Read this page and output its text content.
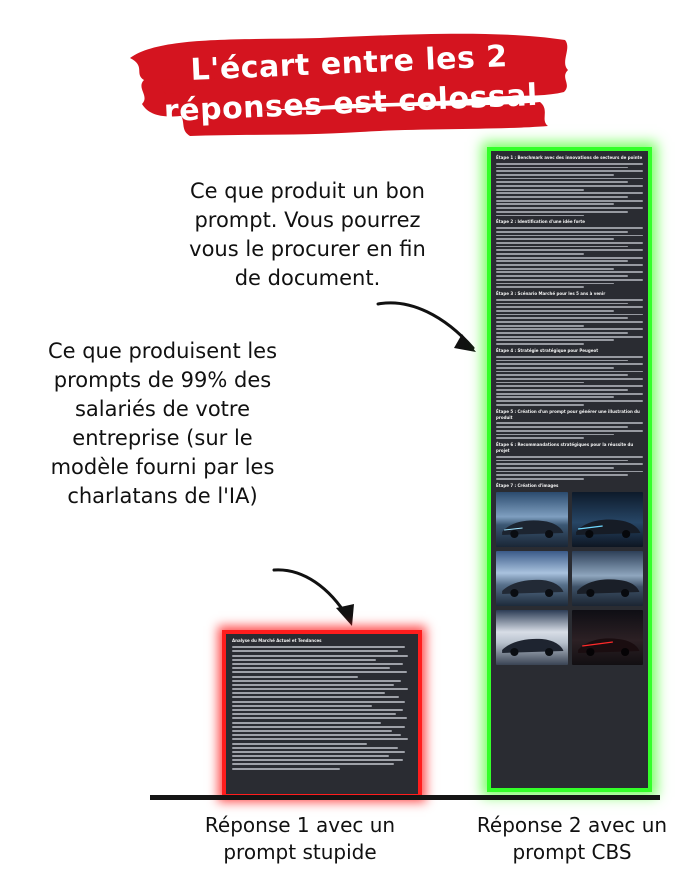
L'écart entre les 2
réponses est colossal
Ce que produit un bon prompt. Vous pourrez vous le procurer en fin de document.
Ce que produisent les prompts de 99% des salariés de votre entreprise (sur le modèle fourni par les charlatans de l'IA)
Analyse du Marché Actuel et Tendances
Étape 1 : Benchmark avec des innovations de secteurs de pointe
Étape 2 : Identification d'une idée forte
Étape 3 : Scénario Marché pour les 5 ans à venir
Étape 4 : Stratégie stratégique pour Peugeot
Étape 5 : Création d'un prompt pour générer une illustration du produit
Étape 6 : Recommandations stratégiques pour la réussite du projet
Étape 7 : Création d'images
Réponse 1 avec un prompt stupide
Réponse 2 avec un prompt CBS
